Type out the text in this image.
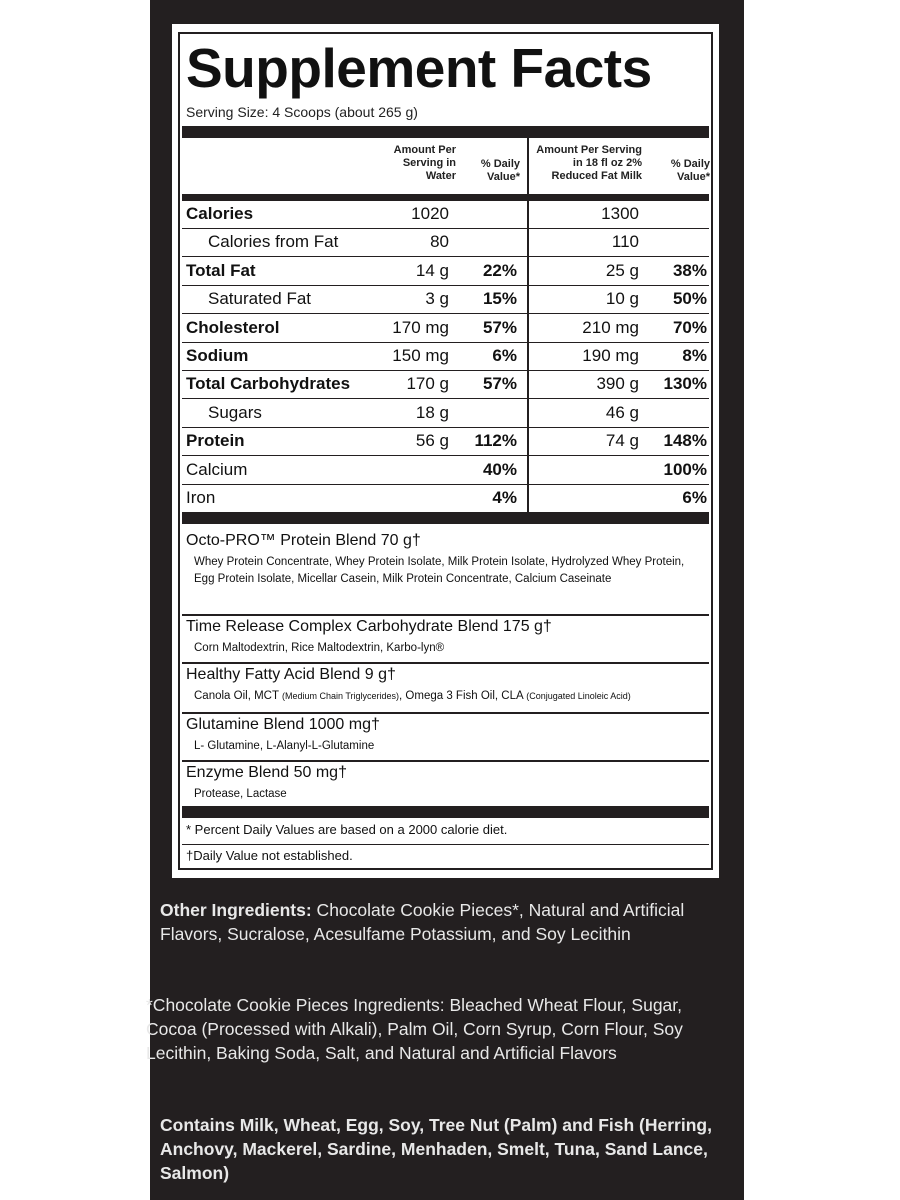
Supplement Facts
Serving Size: 4 Scoops (about 265 g)
Amount Per Serving in Water
% Daily Value*
Amount Per Serving in 18 fl oz 2% Reduced Fat Milk
% Daily Value*
Calories	1020	1300
Calories from Fat	80	110
Total Fat	14 g 22%	25 g 38%
Saturated Fat	3 g 15%	10 g 50%
Cholesterol	170 mg 57%	210 mg 70%
Sodium	150 mg	6%	190 mg	8%
Total Carbohydrates	170 g 57%	390 g 130%
Sugars	18 g	46 g
Protein	56 g 112%	74 g 148%
Calcium	40%	100%
Iron	4%	6%
Octo-PRO™ Protein Blend 70 g†
Whey Protein Concentrate, Whey Protein Isolate, Milk Protein Isolate, Hydrolyzed Whey Protein, Egg Protein Isolate, Micellar Casein, Milk Protein Concentrate, Calcium Caseinate
Time Release Complex Carbohydrate Blend 175 g†
Corn Maltodextrin, Rice Maltodextrin, Karbo-lyn®
Healthy Fatty Acid Blend 9 g†
Canola Oil, MCT (Medium Chain Triglycerides), Omega 3 Fish Oil, CLA (Conjugated Linoleic Acid)
Glutamine Blend 1000 mg†
L- Glutamine, L-Alanyl-L-Glutamine
Enzyme Blend 50 mg†
Protease, Lactase
* Percent Daily Values are based on a 2000 calorie diet.
†Daily Value not established.
Other Ingredients: Chocolate Cookie Pieces*, Natural and Artificial Flavors, Sucralose, Acesulfame Potassium, and Soy Lecithin
*Chocolate Cookie Pieces Ingredients: Bleached Wheat Flour, Sugar, Cocoa (Processed with Alkali), Palm Oil, Corn Syrup, Corn Flour, Soy Lecithin, Baking Soda, Salt, and Natural and Artificial Flavors
Contains Milk, Wheat, Egg, Soy, Tree Nut (Palm) and Fish (Herring, Anchovy, Mackerel, Sardine, Menhaden, Smelt, Tuna, Sand Lance, Salmon)
